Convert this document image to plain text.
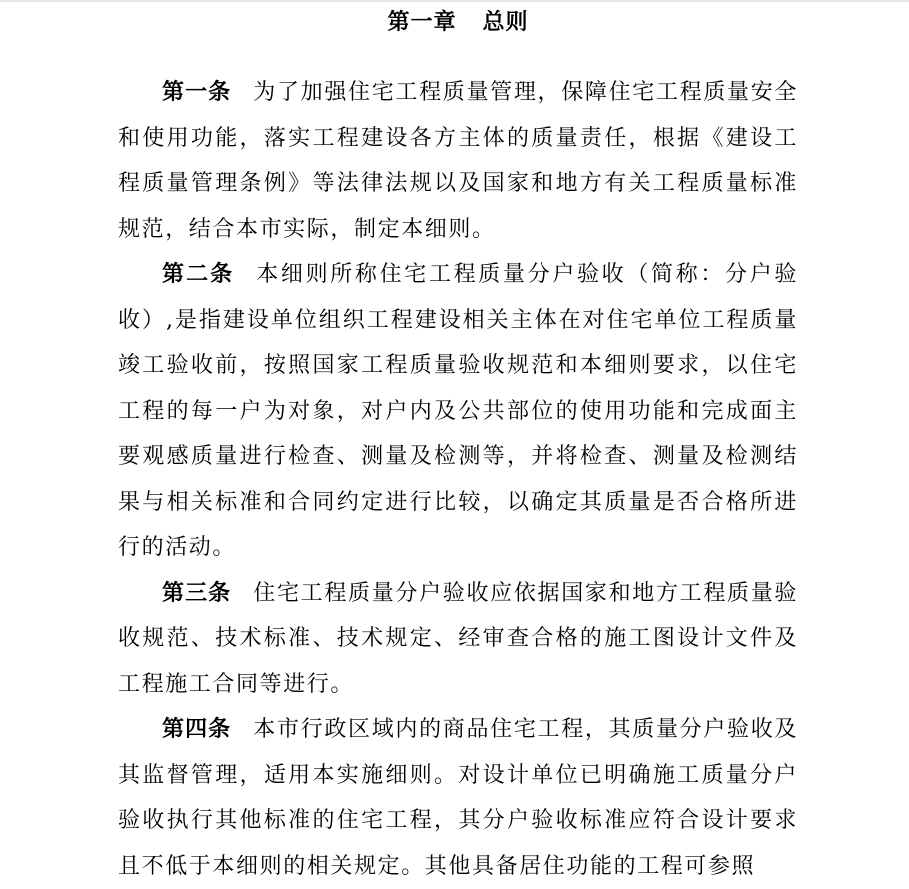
第一章 总则

第一条 为了加强住宅工程质量管理，保障住宅工程质量安全和使用功能，落实工程建设各方主体的质量责任，根据《建设工程质量管理条例》等法律法规以及国家和地方有关工程质量标准规范，结合本市实际，制定本细则。

第二条 本细则所称住宅工程质量分户验收（简称：分户验收）,是指建设单位组织工程建设相关主体在对住宅单位工程质量竣工验收前，按照国家工程质量验收规范和本细则要求，以住宅工程的每一户为对象，对户内及公共部位的使用功能和完成面主要观感质量进行检查、测量及检测等，并将检查、测量及检测结果与相关标准和合同约定进行比较，以确定其质量是否合格所进行的活动。

第三条 住宅工程质量分户验收应依据国家和地方工程质量验收规范、技术标准、技术规定、经审查合格的施工图设计文件及工程施工合同等进行。

第四条 本市行政区域内的商品住宅工程，其质量分户验收及其监督管理，适用本实施细则。对设计单位已明确施工质量分户验收执行其他标准的住宅工程，其分户验收标准应符合设计要求且不低于本细则的相关规定。其他具备居住功能的工程可参照
